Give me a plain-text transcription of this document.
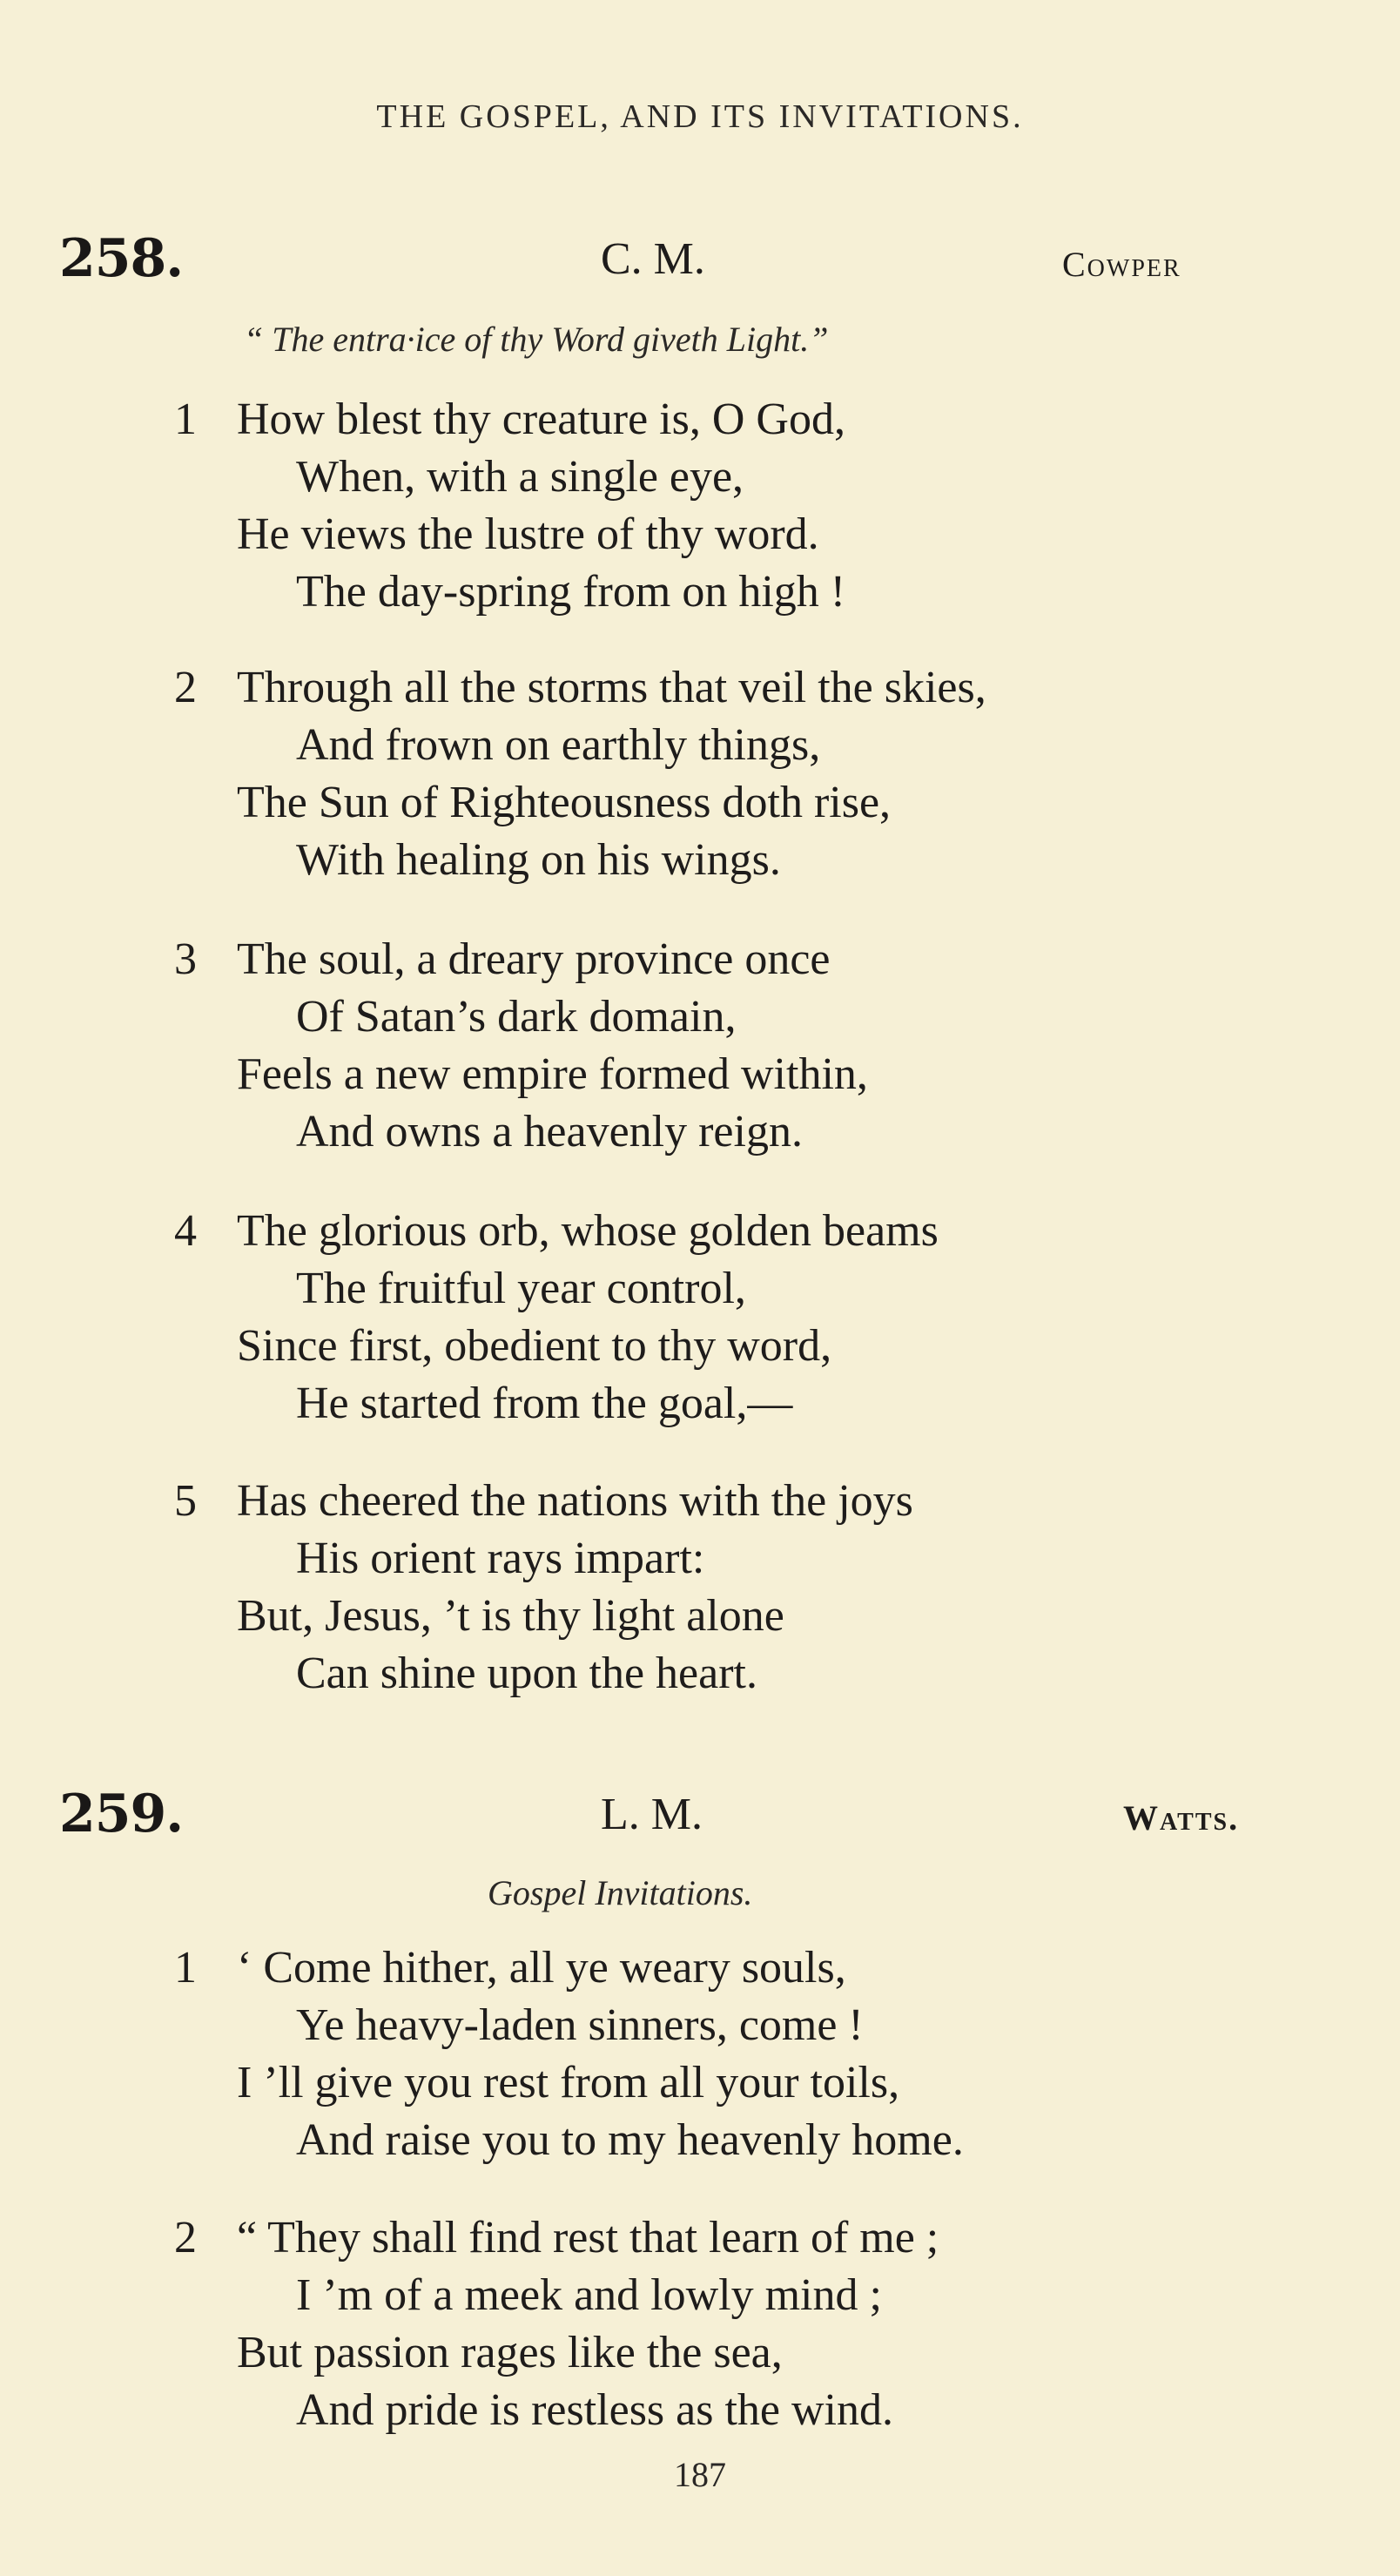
THE GOSPEL, AND ITS INVITATIONS.
258.	C. M.	Cowper
“ The entra·ice of thy Word giveth Light.”
1 How blest thy creature is, O God,
When, with a single eye,
He views the lustre of thy word.
The day-spring from on high !
2 Through all the storms that veil the skies,
And frown on earthly things,
The Sun of Righteousness doth rise,
With healing on his wings.
3 The soul, a dreary province once
Of Satan’s dark domain,
Feels a new empire formed within,
And owns a heavenly reign.
4 The glorious orb, whose golden beams
The fruitful year control,
Since first, obedient to thy word,
He started from the goal,—
5 Has cheered the nations with the joys
His orient rays impart:
But, Jesus, ’t is thy light alone
Can shine upon the heart.
259.	L. M.	Watts.
Gospel Invitations.
1 ‘ Come hither, all ye weary souls,
Ye heavy-laden sinners, come !
I ’ll give you rest from all your toils,
And raise you to my heavenly home.
2 “ They shall find rest that learn of me ;
I ’m of a meek and lowly mind ;
But passion rages like the sea,
And pride is restless as the wind.
187
